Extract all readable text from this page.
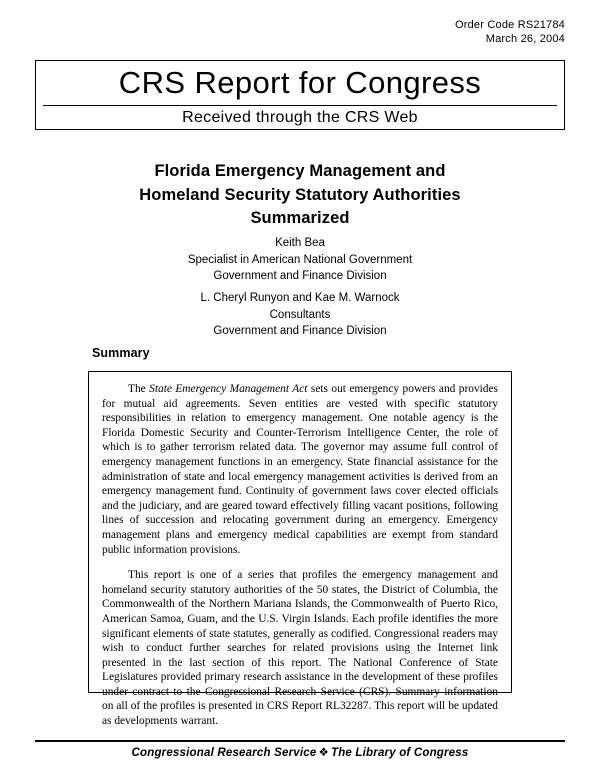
Order Code RS21784
March 26, 2004
CRS Report for Congress
Received through the CRS Web
Florida Emergency Management and
Homeland Security Statutory Authorities
Summarized
Keith Bea
Specialist in American National Government
Government and Finance Division
L. Cheryl Runyon and Kae M. Warnock
Consultants
Government and Finance Division
Summary

The State Emergency Management Act sets out emergency powers and provides for mutual aid agreements. Seven entities are vested with specific statutory responsibilities in relation to emergency management. One notable agency is the Florida Domestic Security and Counter-Terrorism Intelligence Center, the role of which is to gather terrorism related data. The governor may assume full control of emergency management functions in an emergency. State financial assistance for the administration of state and local emergency management activities is derived from an emergency management fund. Continuity of government laws cover elected officials and the judiciary, and are geared toward effectively filling vacant positions, following lines of succession and relocating government during an emergency. Emergency management plans and emergency medical capabilities are exempt from standard public information provisions.

This report is one of a series that profiles the emergency management and homeland security statutory authorities of the 50 states, the District of Columbia, the Commonwealth of the Northern Mariana Islands, the Commonwealth of Puerto Rico, American Samoa, Guam, and the U.S. Virgin Islands. Each profile identifies the more significant elements of state statutes, generally as codified. Congressional readers may wish to conduct further searches for related provisions using the Internet link presented in the last section of this report. The National Conference of State Legislatures provided primary research assistance in the development of these profiles under contract to the Congressional Research Service (CRS). Summary information on all of the profiles is presented in CRS Report RL32287. This report will be updated as developments warrant.

Congressional Research Service ❖ The Library of Congress
